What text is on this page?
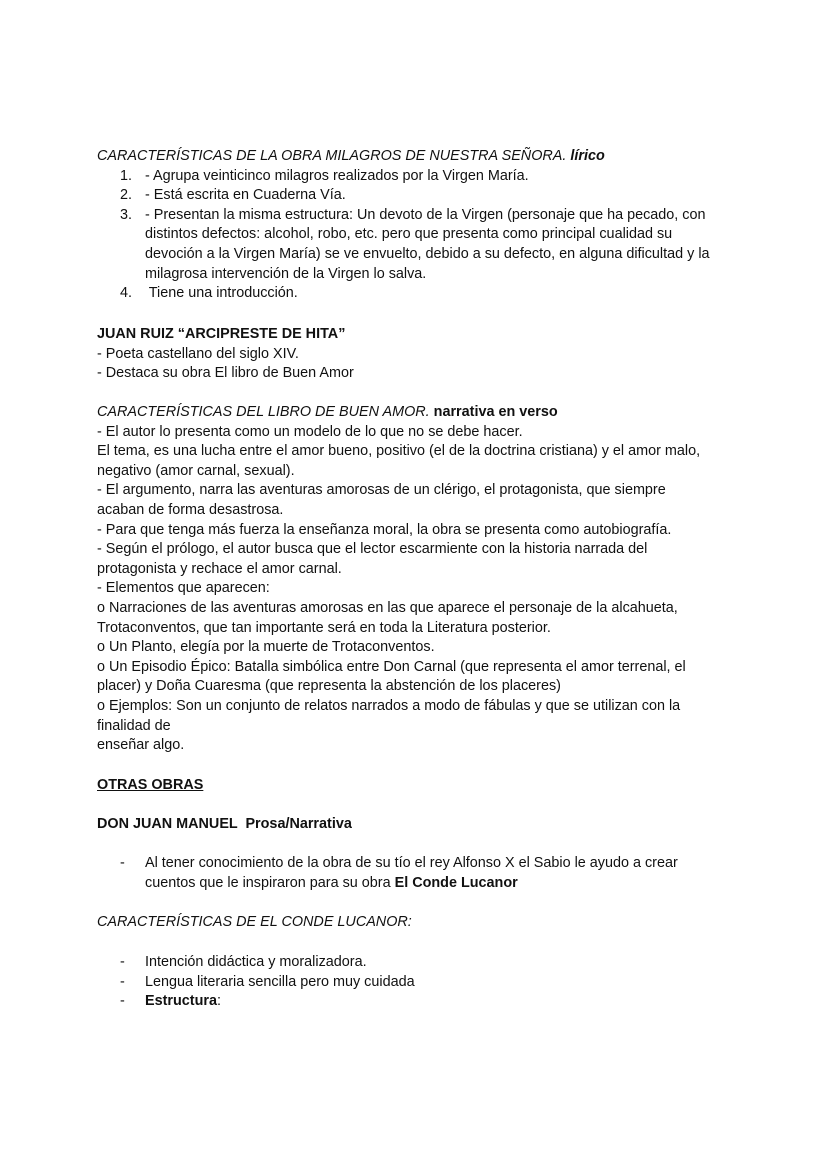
CARACTERÍSTICAS DE LA OBRA MILAGROS DE NUESTRA SEÑORA. lírico
1. - Agrupa veinticinco milagros realizados por la Virgen María.
2. - Está escrita en Cuaderna Vía.
3. - Presentan la misma estructura: Un devoto de la Virgen (personaje que ha pecado, con
distintos defectos: alcohol, robo, etc. pero que presenta como principal cualidad su
devoción a la Virgen María) se ve envuelto, debido a su defecto, en alguna dificultad y la
milagrosa intervención de la Virgen lo salva.
4. Tiene una introducción.
JUAN RUIZ “ARCIPRESTE DE HITA”
- Poeta castellano del siglo XIV.
- Destaca su obra El libro de Buen Amor
CARACTERÍSTICAS DEL LIBRO DE BUEN AMOR. narrativa en verso
- El autor lo presenta como un modelo de lo que no se debe hacer.
El tema, es una lucha entre el amor bueno, positivo (el de la doctrina cristiana) y el amor malo,
negativo (amor carnal, sexual).
- El argumento, narra las aventuras amorosas de un clérigo, el protagonista, que siempre
acaban de forma desastrosa.
- Para que tenga más fuerza la enseñanza moral, la obra se presenta como autobiografía.
- Según el prólogo, el autor busca que el lector escarmiente con la historia narrada del
protagonista y rechace el amor carnal.
- Elementos que aparecen:
o Narraciones de las aventuras amorosas en las que aparece el personaje de la alcahueta,
Trotaconventos, que tan importante será en toda la Literatura posterior.
o Un Planto, elegía por la muerte de Trotaconventos.
o Un Episodio Épico: Batalla simbólica entre Don Carnal (que representa el amor terrenal, el
placer) y Doña Cuaresma (que representa la abstención de los placeres)
o Ejemplos: Son un conjunto de relatos narrados a modo de fábulas y que se utilizan con la
finalidad de
enseñar algo.
OTRAS OBRAS
DON JUAN MANUEL  Prosa/Narrativa
- Al tener conocimiento de la obra de su tío el rey Alfonso X el Sabio le ayudo a crear
cuentos que le inspiraron para su obra El Conde Lucanor
CARACTERÍSTICAS DE EL CONDE LUCANOR:
- Intención didáctica y moralizadora.
- Lengua literaria sencilla pero muy cuidada
- Estructura:
